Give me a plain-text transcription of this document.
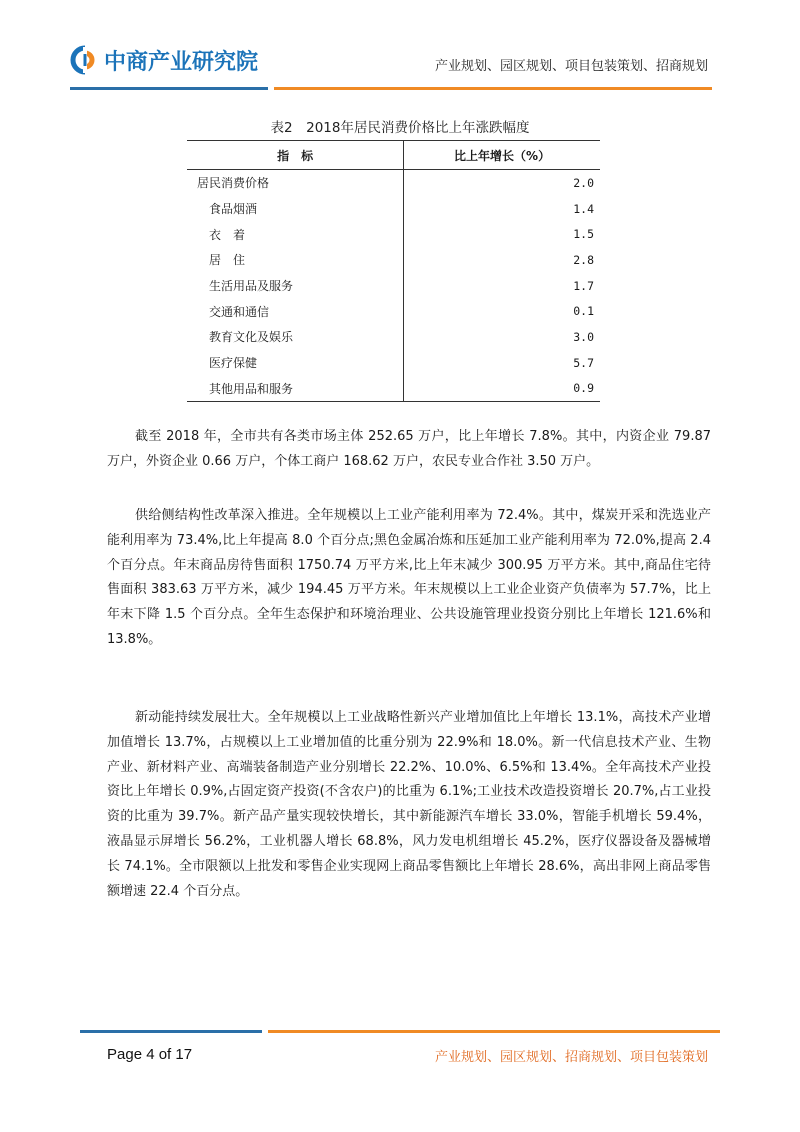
中商产业研究院	产业规划、园区规划、项目包装策划、招商规划
表2　2018年居民消费价格比上年涨跌幅度
指　标	比上年增长（%）
居民消费价格	2.0
食品烟酒	1.4
衣　着	1.5
居　住	2.8
生活用品及服务	1.7
交通和通信	0.1
教育文化及娱乐	3.0
医疗保健	5.7
其他用品和服务	0.9

截至 2018 年，全市共有各类市场主体 252.65 万户，比上年增长 7.8%。其中，内资企业 79.87 万户，外资企业 0.66 万户，个体工商户 168.62 万户，农民专业合作社 3.50 万户。

供给侧结构性改革深入推进。全年规模以上工业产能利用率为 72.4%。其中，煤炭开采和洗选业产能利用率为 73.4%,比上年提高 8.0 个百分点;黑色金属冶炼和压延加工业产能利用率为 72.0%,提高 2.4 个百分点。年末商品房待售面积 1750.74 万平方米,比上年末减少 300.95 万平方米。其中,商品住宅待售面积 383.63 万平方米，减少 194.45 万平方米。年末规模以上工业企业资产负债率为 57.7%，比上年末下降 1.5 个百分点。全年生态保护和环境治理业、公共设施管理业投资分别比上年增长 121.6%和 13.8%。

新动能持续发展壮大。全年规模以上工业战略性新兴产业增加值比上年增长 13.1%，高技术产业增加值增长 13.7%，占规模以上工业增加值的比重分别为 22.9%和 18.0%。新一代信息技术产业、生物产业、新材料产业、高端装备制造产业分别增长 22.2%、10.0%、6.5%和 13.4%。全年高技术产业投资比上年增长 0.9%,占固定资产投资(不含农户)的比重为 6.1%;工业技术改造投资增长 20.7%,占工业投资的比重为 39.7%。新产品产量实现较快增长，其中新能源汽车增长 33.0%，智能手机增长 59.4%，液晶显示屏增长 56.2%，工业机器人增长 68.8%，风力发电机组增长 45.2%，医疗仪器设备及器械增长 74.1%。全市限额以上批发和零售企业实现网上商品零售额比上年增长 28.6%，高出非网上商品零售额增速 22.4 个百分点。

Page 4 of 17	产业规划、园区规划、招商规划、项目包装策划
